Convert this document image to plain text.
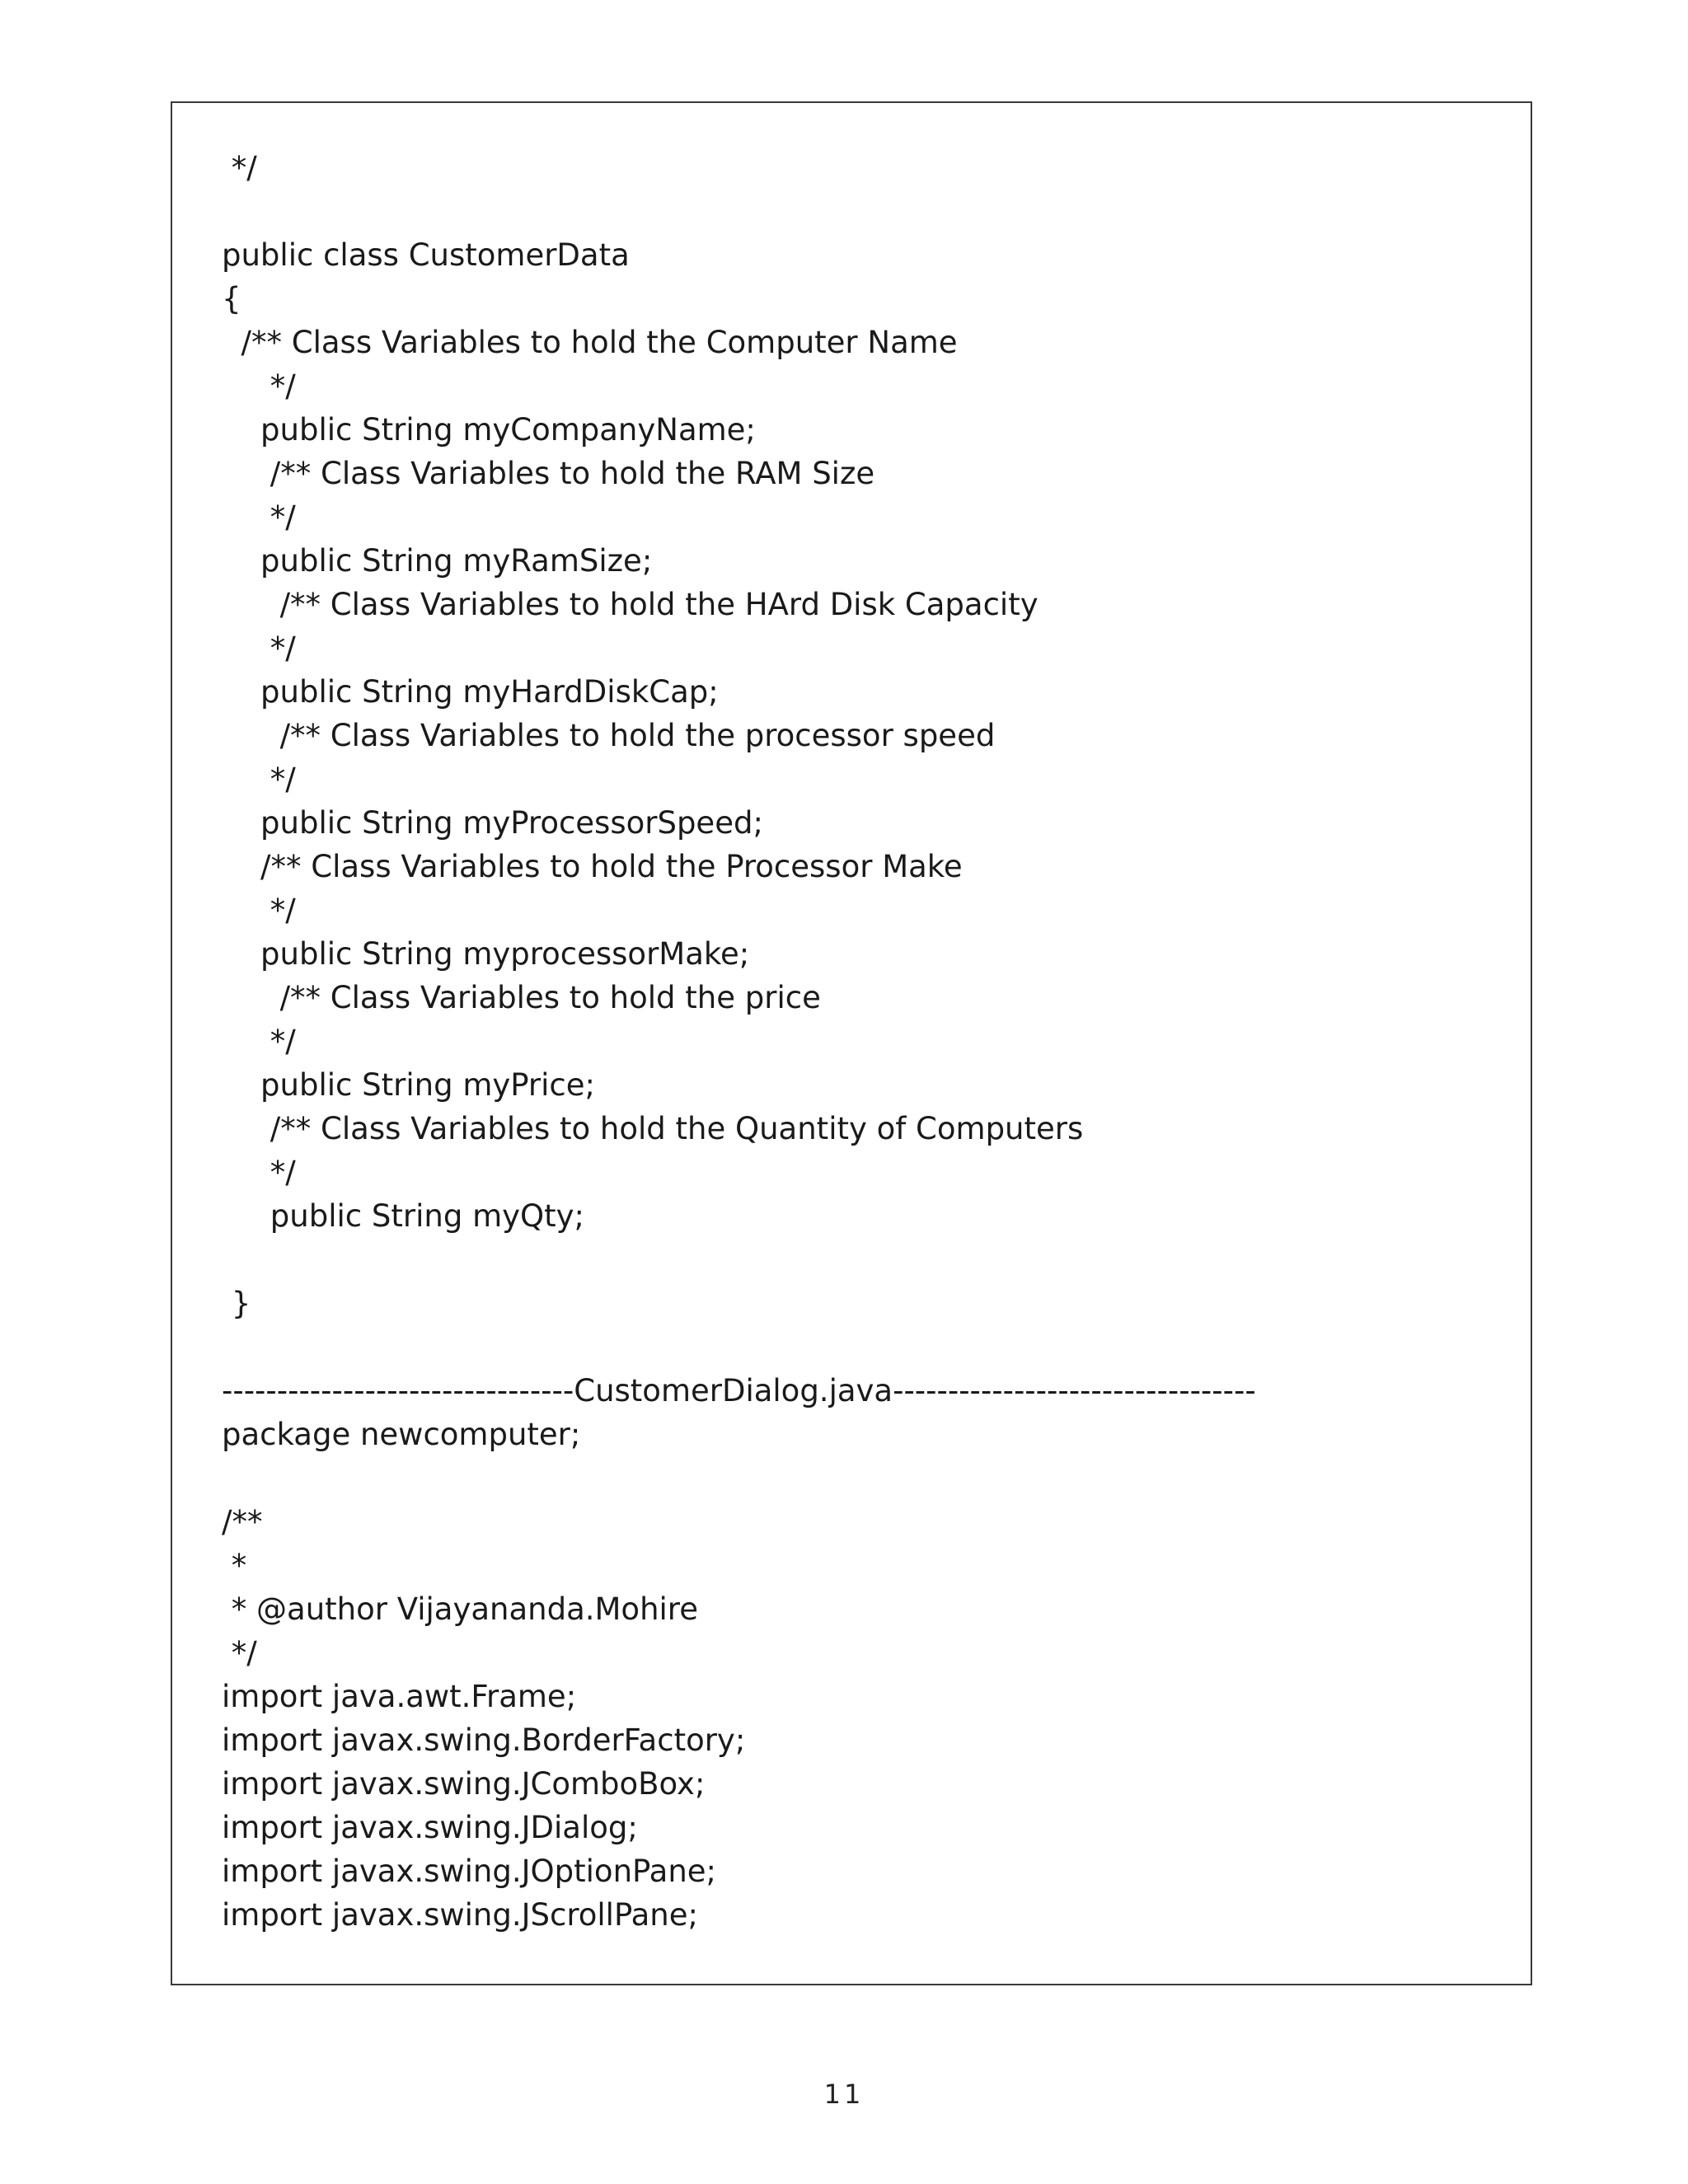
*/
public class CustomerData
{
/** Class Variables to hold the Computer Name
*/
public String myCompanyName;
/** Class Variables to hold the RAM Size
*/
public String myRamSize;
/** Class Variables to hold the HArd Disk Capacity
*/
public String myHardDiskCap;
/** Class Variables to hold the processor speed
*/
public String myProcessorSpeed;
/** Class Variables to hold the Processor Make
*/
public String myprocessorMake;
/** Class Variables to hold the price
*/
public String myPrice;
/** Class Variables to hold the Quantity of Computers
*/
public String myQty;
}
--------------------------------CustomerDialog.java---------------------------------
package newcomputer;
/**
*
* @author Vijayananda.Mohire
*/
import java.awt.Frame;
import javax.swing.BorderFactory;
import javax.swing.JComboBox;
import javax.swing.JDialog;
import javax.swing.JOptionPane;
import javax.swing.JScrollPane;
11
